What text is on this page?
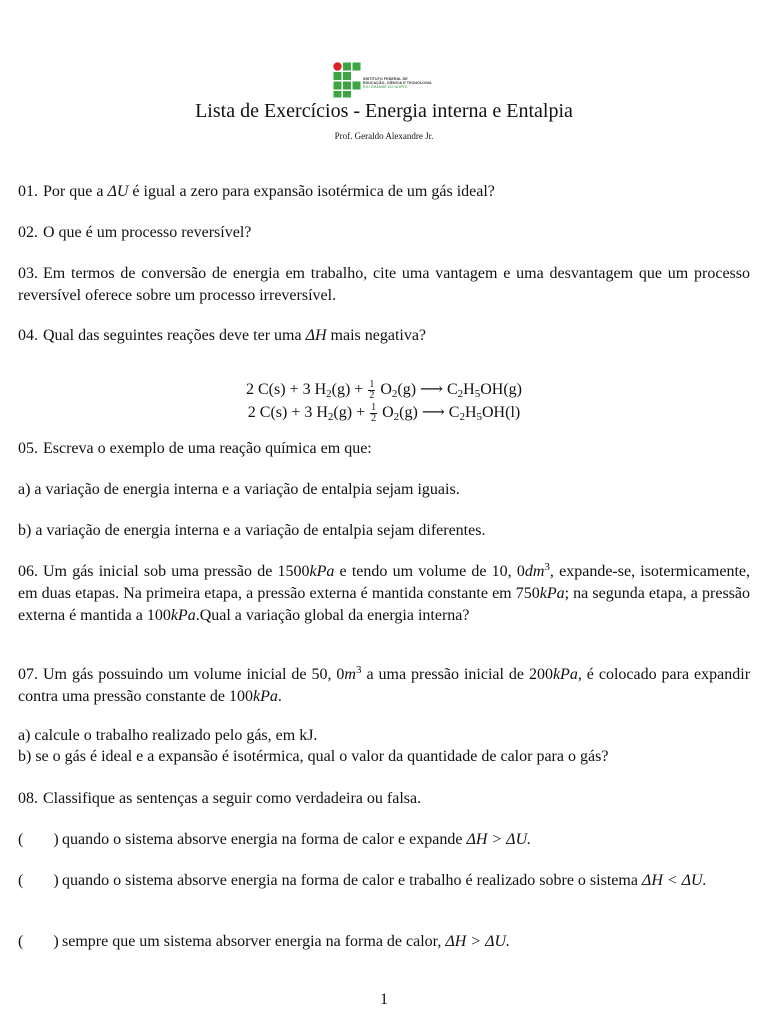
INSTITUTO FEDERAL DE
EDUCAÇÃO, CIÊNCIA E TECNOLOGIA
RIO GRANDE DO NORTE
Lista de Exercícios - Energia interna e Entalpia
Prof. Geraldo Alexandre Jr.
01. Por que a ΔU é igual a zero para expansão isotérmica de um gás ideal?
02. O que é um processo reversível?
03. Em termos de conversão de energia em trabalho, cite uma vantagem e uma desvantagem que um processo reversível oferece sobre um processo irreversível.
04. Qual das seguintes reações deve ter uma ΔH mais negativa?
2 C(s) + 3 $H_2(g) + \frac{1}{2} O_2(g)$ ⟶ $C_2H_5OH(g)$
2 C(s) + 3 $H_2(g) + \frac{1}{2} O_2(g)$ ⟶ $C_2H_5OH(l)$
05. Escreva o exemplo de uma reação química em que:
a) a variação de energia interna e a variação de entalpia sejam iguais.
b) a variação de energia interna e a variação de entalpia sejam diferentes.
06. Um gás inicial sob uma pressão de 1500kPa e tendo um volume de 10, $0dm^3$, expande-se, isotermicamente, em duas etapas. Na primeira etapa, a pressão externa é mantida constante em 750kPa; na segunda etapa, a pressão externa é mantida a 100kPa.Qual a variação global da energia interna?
07. Um gás possuindo um volume inicial de 50, $0m^3$ a uma pressão inicial de 200kPa, é colocado para expandir contra uma pressão constante de 100kPa.
a) calcule o trabalho realizado pelo gás, em kJ.
b) se o gás é ideal e a expansão é isotérmica, qual o valor da quantidade de calor para o gás?
08. Classifique as sentenças a seguir como verdadeira ou falsa.
( ) quando o sistema absorve energia na forma de calor e expande ΔH > ΔU.
( ) quando o sistema absorve energia na forma de calor e trabalho é realizado sobre o sistema ΔH < ΔU.
( ) sempre que um sistema absorver energia na forma de calor, ΔH > ΔU.
1
